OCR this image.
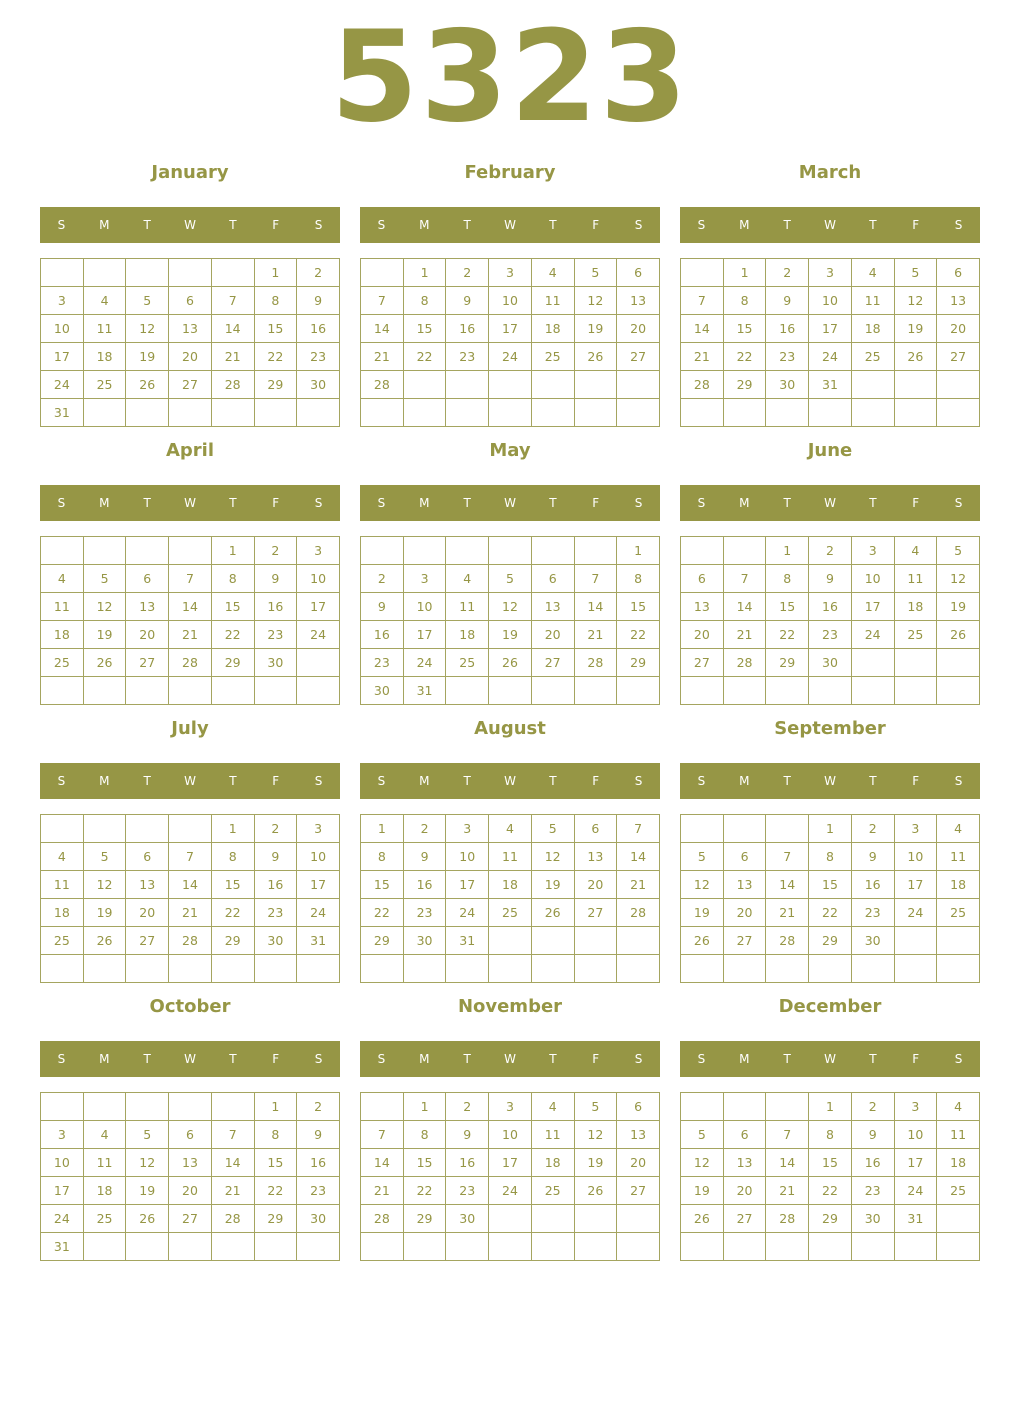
5323
January
S	M	T	W	T	F	S
					1	2
3	4	5	6	7	8	9
10	11	12	13	14	15	16
17	18	19	20	21	22	23
24	25	26	27	28	29	30
31						
February
S	M	T	W	T	F	S
	1	2	3	4	5	6
7	8	9	10	11	12	13
14	15	16	17	18	19	20
21	22	23	24	25	26	27
28						

March
S	M	T	W	T	F	S
	1	2	3	4	5	6
7	8	9	10	11	12	13
14	15	16	17	18	19	20
21	22	23	24	25	26	27
28	29	30	31			

April
S	M	T	W	T	F	S
				1	2	3
4	5	6	7	8	9	10
11	12	13	14	15	16	17
18	19	20	21	22	23	24
25	26	27	28	29	30	

May
S	M	T	W	T	F	S
						1
2	3	4	5	6	7	8
9	10	11	12	13	14	15
16	17	18	19	20	21	22
23	24	25	26	27	28	29
30	31					
June
S	M	T	W	T	F	S
		1	2	3	4	5
6	7	8	9	10	11	12
13	14	15	16	17	18	19
20	21	22	23	24	25	26
27	28	29	30			

July
S	M	T	W	T	F	S
				1	2	3
4	5	6	7	8	9	10
11	12	13	14	15	16	17
18	19	20	21	22	23	24
25	26	27	28	29	30	31

August
S	M	T	W	T	F	S
1	2	3	4	5	6	7
8	9	10	11	12	13	14
15	16	17	18	19	20	21
22	23	24	25	26	27	28
29	30	31				

September
S	M	T	W	T	F	S
			1	2	3	4
5	6	7	8	9	10	11
12	13	14	15	16	17	18
19	20	21	22	23	24	25
26	27	28	29	30		

October
S	M	T	W	T	F	S
					1	2
3	4	5	6	7	8	9
10	11	12	13	14	15	16
17	18	19	20	21	22	23
24	25	26	27	28	29	30
31						
November
S	M	T	W	T	F	S
	1	2	3	4	5	6
7	8	9	10	11	12	13
14	15	16	17	18	19	20
21	22	23	24	25	26	27
28	29	30				

December
S	M	T	W	T	F	S
			1	2	3	4
5	6	7	8	9	10	11
12	13	14	15	16	17	18
19	20	21	22	23	24	25
26	27	28	29	30	31	
